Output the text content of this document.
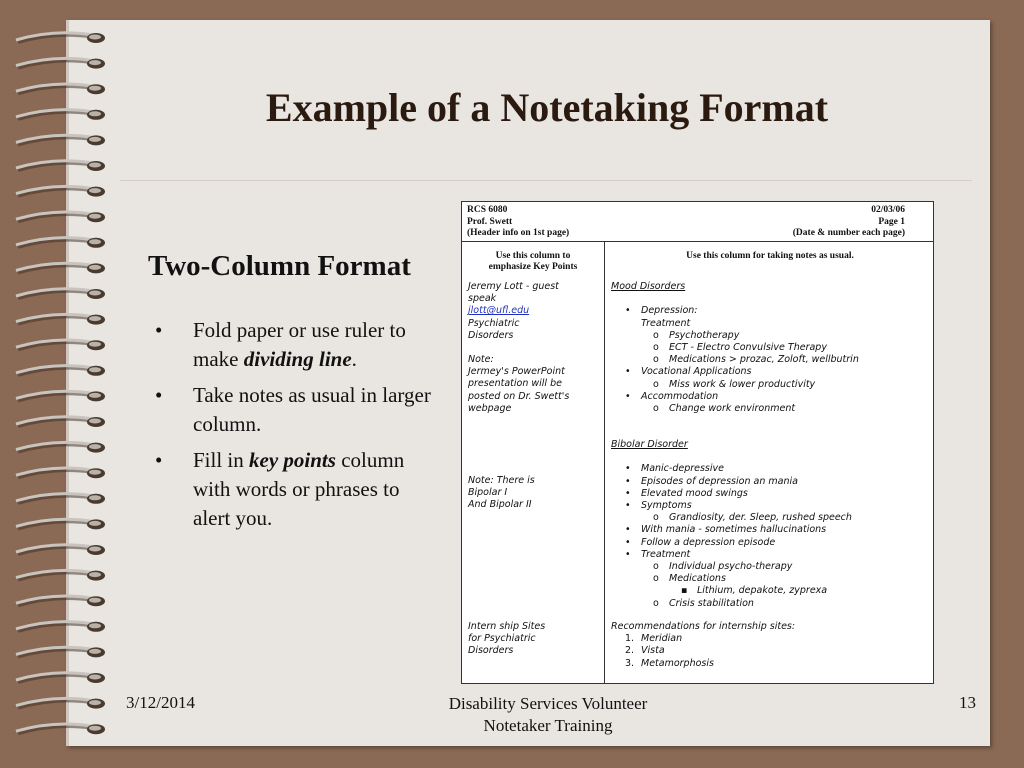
Example of a Notetaking Format
Two-Column Format
• Fold paper or use ruler to make dividing line.
• Take notes as usual in larger column.
• Fill in key points column with words or phrases to alert you.
RCS 6080
Prof. Swett
(Header info on 1st page)
02/03/06
Page 1
(Date & number each page)
Use this column to
emphasize Key Points
Use this column for taking notes as usual.
Jeremy Lott - guest
speak
jlott@ufl.edu
Psychiatric
Disorders
Note:
Jermey's PowerPoint
presentation will be
posted on Dr. Swett's
webpage
Note: There is
Bipolar I
And Bipolar II
Intern ship Sites
for Psychiatric
Disorders
Mood Disorders

• Depression:
Treatment
o Psychotherapy
o ECT - Electro Convulsive Therapy
o Medications > prozac, Zoloft, wellbutrin
• Vocational Applications
o Miss work & lower productivity
• Accommodation
o Change work environment
Bibolar Disorder

• Manic-depressive
• Episodes of depression an mania
• Elevated mood swings
• Symptoms
o Grandiosity, der. Sleep, rushed speech
• With mania - sometimes hallucinations
• Follow a depression episode
• Treatment
o Individual psycho-therapy
o Medications
▪ Lithium, depakote, zyprexa
o Crisis stabilitation
Recommendations for internship sites:
1. Meridian
2. Vista
3. Metamorphosis
3/12/2014	Disability Services Volunteer
Notetaker Training
13
